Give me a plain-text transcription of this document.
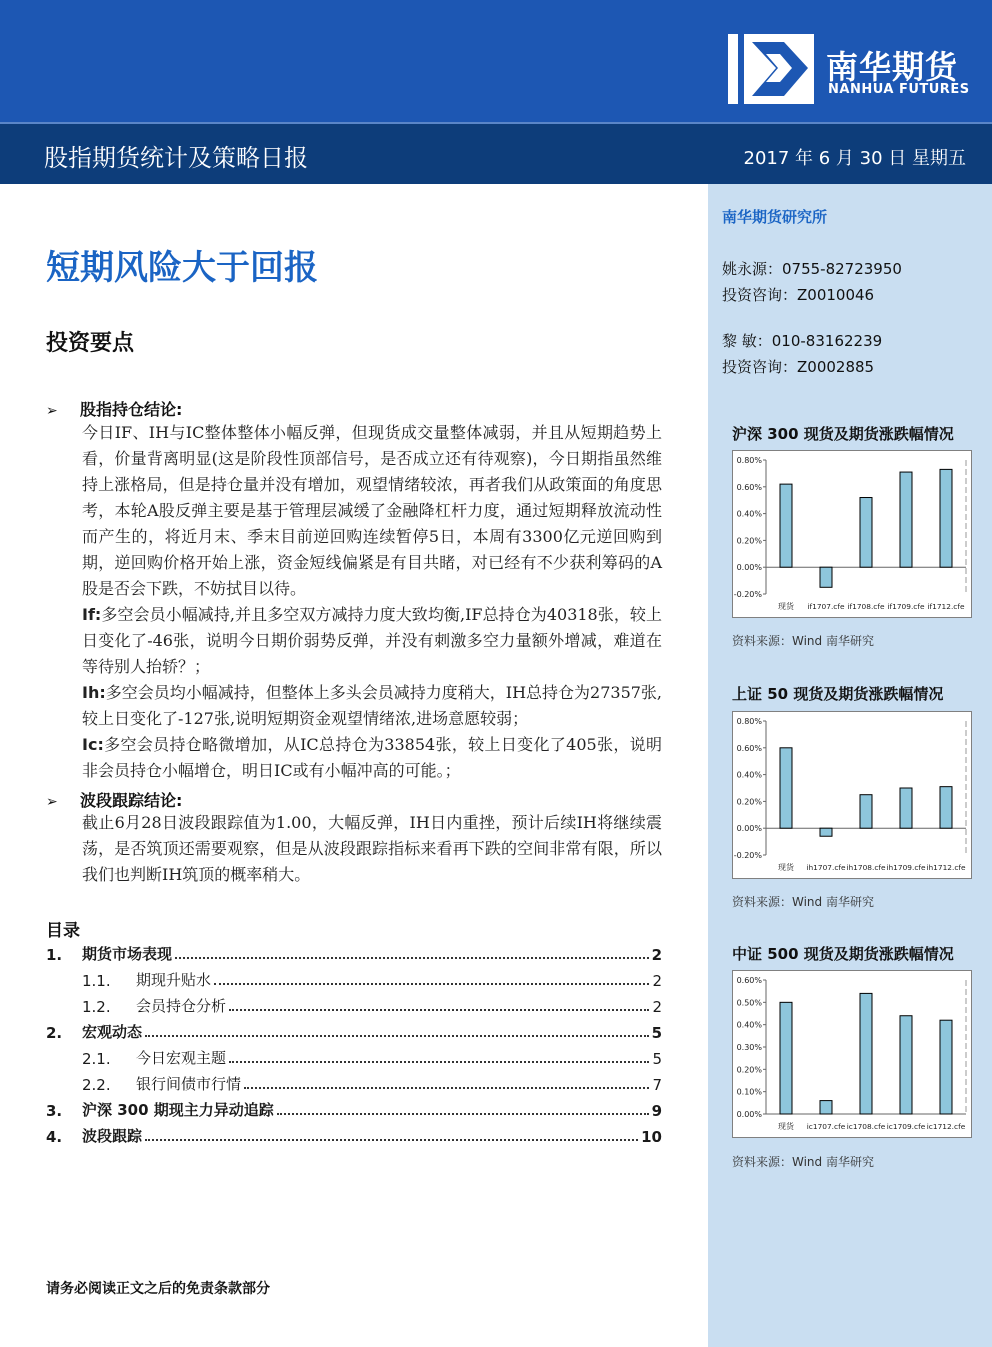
南华期货
NANHUA FUTURES
股指期货统计及策略日报	2017 年 6 月 30 日 星期五
南华期货研究所
姚永源：0755-82723950
投资咨询：Z0010046
黎 敏：010-83162239
投资咨询：Z0002885
沪深 300 现货及期货涨跌幅情况
0.80%
0.60%
0.40%
0.20%
0.00%
-0.20%
现货 if1707.cfe if1708.cfe if1709.cfe if1712.cfe
资料来源：Wind 南华研究
上证 50 现货及期货涨跌幅情况
0.80%
0.60%
0.40%
0.20%
0.00%
-0.20%
现货 ih1707.cfe ih1708.cfe ih1709.cfe ih1712.cfe
资料来源：Wind 南华研究
中证 500 现货及期货涨跌幅情况
0.60%
0.50%
0.40%
0.30%
0.20%
0.10%
0.00%
现货 ic1707.cfe ic1708.cfe ic1709.cfe ic1712.cfe
资料来源：Wind 南华研究
短期风险大于回报
投资要点
➢ 股指持仓结论:
今日IF、IH与IC整体整体小幅反弹，但现货成交量整体减弱，并且从短期趋势上看，价量背离明显(这是阶段性顶部信号，是否成立还有待观察)，今日期指虽然维持上涨格局，但是持仓量并没有增加，观望情绪较浓，再者我们从政策面的角度思考，本轮A股反弹主要是基于管理层减缓了金融降杠杆力度，通过短期释放流动性而产生的，将近月末、季末目前逆回购连续暂停5日，本周有3300亿元逆回购到期，逆回购价格开始上涨，资金短线偏紧是有目共睹，对已经有不少获利筹码的A股是否会下跌，不妨拭目以待。
If:多空会员小幅减持,并且多空双方减持力度大致均衡,IF总持仓为40318张，较上日变化了-46张，说明今日期价弱势反弹，并没有刺激多空力量额外增减，难道在等待别人抬轿？；
Ih:多空会员均小幅减持，但整体上多头会员减持力度稍大，IH总持仓为27357张,较上日变化了-127张,说明短期资金观望情绪浓,进场意愿较弱；
Ic:多空会员持仓略微增加，从IC总持仓为33854张，较上日变化了405张，说明非会员持仓小幅增仓，明日IC或有小幅冲高的可能。；
➢ 波段跟踪结论:
截止6月28日波段跟踪值为1.00，大幅反弹，IH日内重挫，预计后续IH将继续震荡，是否筑顶还需要观察，但是从波段跟踪指标来看再下跌的空间非常有限，所以我们也判断IH筑顶的概率稍大。
目录
1.	期货市场表现	2
1.1.	期现升贴水	2
1.2.	会员持仓分析	2
2.	宏观动态	5
2.1.	今日宏观主题	5
2.2.	银行间债市行情	7
3.	沪深 300 期现主力异动追踪	9
4.	波段跟踪	10
请务必阅读正文之后的免责条款部分
